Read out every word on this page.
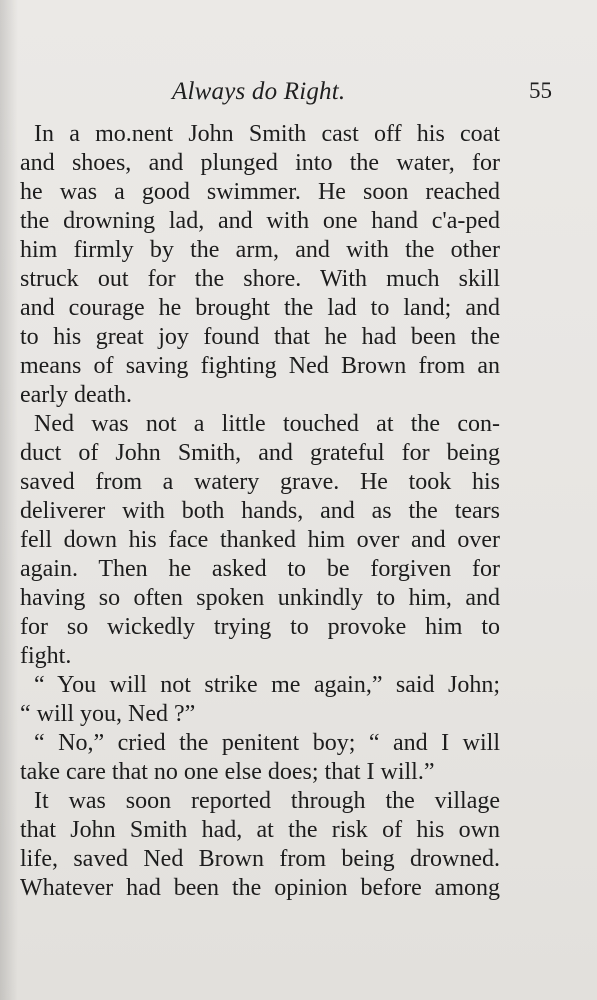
Always do Right.	55
In a mo.nent John Smith cast off his coat
and shoes, and plunged into the water, for
he was a good swimmer. He soon reached
the drowning lad, and with one hand c'a-ped
him firmly by the arm, and with the other
struck out for the shore. With much skill
and courage he brought the lad to land; and
to his great joy found that he had been the
means of saving fighting Ned Brown from an
early death.
Ned was not a little touched at the con-
duct of John Smith, and grateful for being
saved from a watery grave. He took his
deliverer with both hands, and as the tears
fell down his face thanked him over and over
again. Then he asked to be forgiven for
having so often spoken unkindly to him, and
for so wickedly trying to provoke him to
fight.
“ You will not strike me again,” said John;
“ will you, Ned ?”
“ No,” cried the penitent boy; “ and I will
take care that no one else does; that I will.”
It was soon reported through the village
that John Smith had, at the risk of his own
life, saved Ned Brown from being drowned.
Whatever had been the opinion before among
